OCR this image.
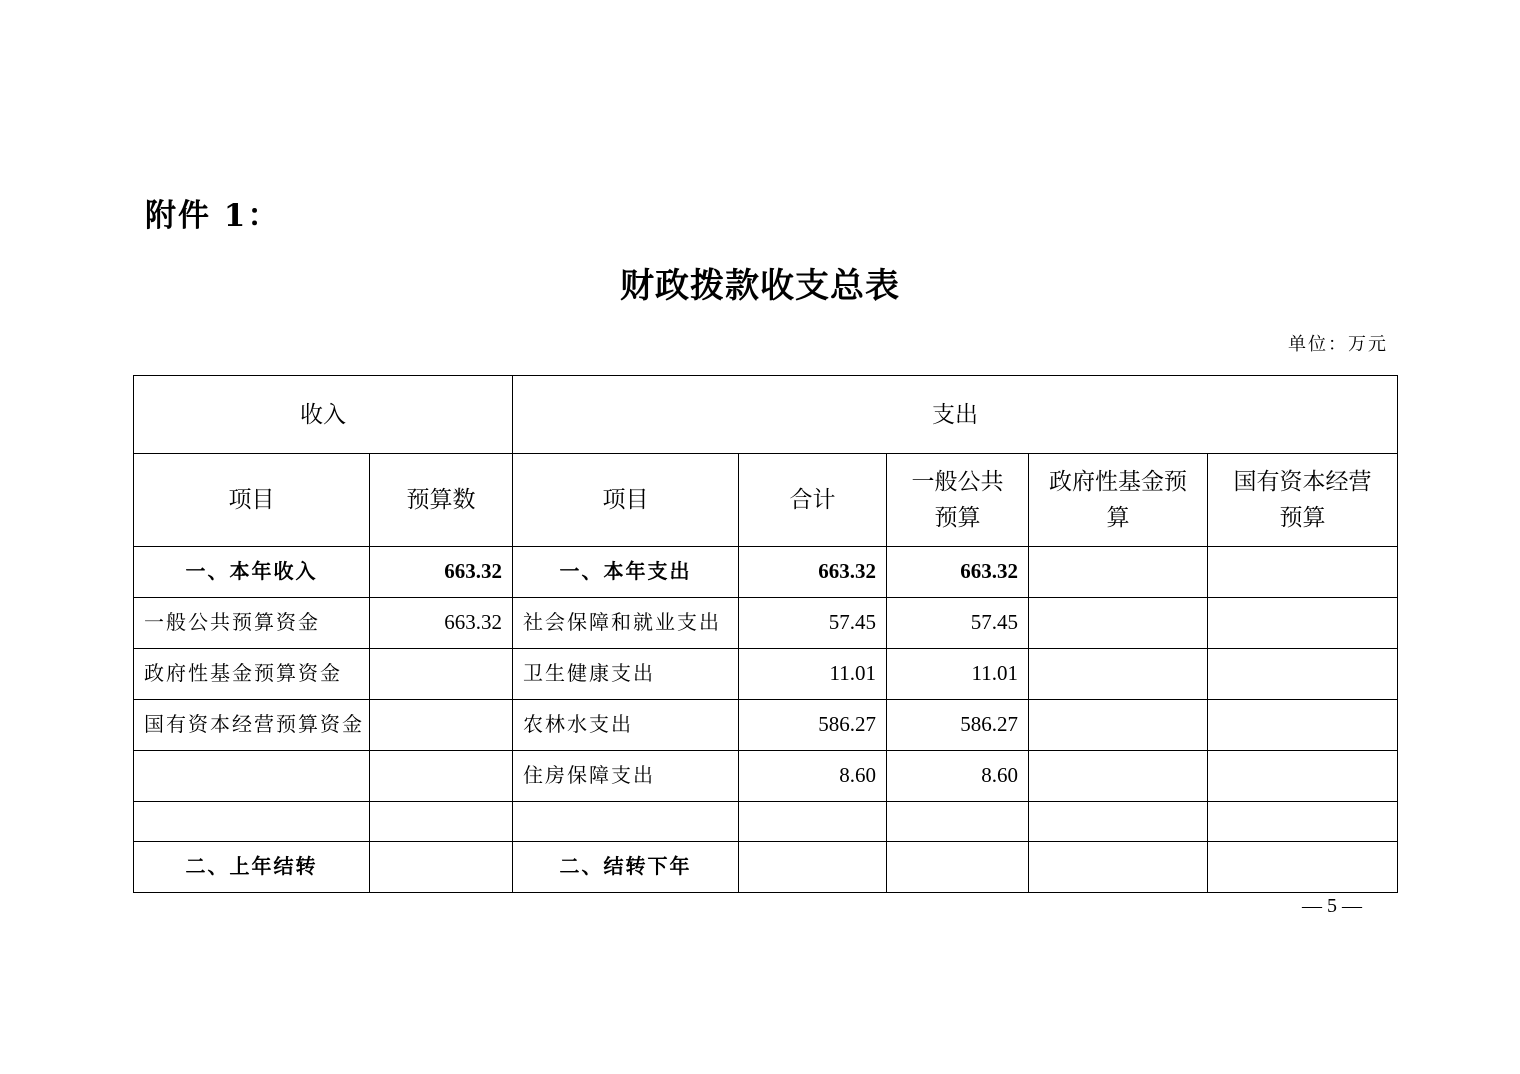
附件 1：
财政拨款收支总表
单位：万元
收入		支出				
项目	预算数	项目	合计	一般公共预算	政府性基金预算	国有资本经营预算

一、本年收入	663.32	一、本年支出	663.32	663.32		

一般公共预算资金	663.32	社会保障和就业支出	57.45	57.45		

政府性基金预算资金		卫生健康支出	11.01	11.01		

国有资本经营预算资金		农林水支出	586.27	586.27		

		住房保障支出	8.60	8.60		

二、上年结转		二、结转下年				

— 5 —
